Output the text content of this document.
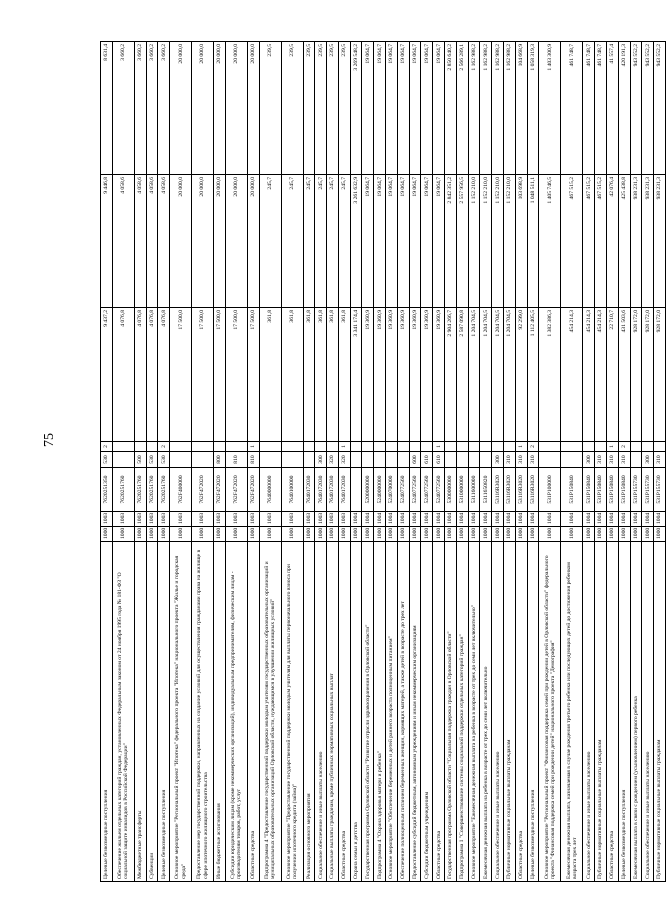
75
Целевые безвозмездные поступления	1000	1003	7620251350	530	2	9 437,2	9 446,8	8 631,4
Обеспечение жильем отдельных категорий граждан, установленных Федеральным законом от 24 ноября 1995 года № 181-ФЗ "О социальной защите инвалидов в Российской Федерации"	1000	1003	7620251760			4 076,8	4 058,6	3 660,2
Межбюджетные трансферты	1000	1003	7620251760	500		4 076,8	4 058,6	3 660,2
Субвенции	1000	1003	7620251760	530		4 076,8	4 058,6	3 660,2
Целевые безвозмездные поступления	1000	1003	7620251760	530	2	4 076,8	4 058,6	3 660,2
Основное мероприятие "Региональный проект "Ипотека" федерального проекта "Ипотека" национального проекта "Жилье и городская среда"	1000	1003	762F400000			17 500,0	20 000,0	20 000,0
Предоставление мер государственной поддержки, направленных на создание условий для осуществления гражданами права на жилище в сфере ипотечного жилищного строительства	1000	1003	762F472020			17 500,0	20 000,0	20 000,0
Иные бюджетные ассигнования	1000	1003	762F472020	800		17 500,0	20 000,0	20 000,0
Субсидии юридическим лицам (кроме некоммерческих организаций), индивидуальным предпринимателям, физическим лицам - производителям товаров, работ, услуг	1000	1003	762F472020	810		17 500,0	20 000,0	20 000,0
Областные средства	1000	1003	762F472020	810	1	17 500,0	20 000,0	20 000,0
Подпрограмма 4 "Предоставление государственной поддержки молодым учителям государственных образовательных организаций и муниципальных образовательных организаций Орловской области, нуждающимся в улучшении жилищных условий"	1000	1003	7640000000			361,8	245,7	239,5
Основное мероприятие "Предоставление государственной поддержки молодым учителям для выплаты первоначального взноса при получении ипотечного кредита (займа)"	1000	1003	7640100000			361,8	245,7	239,5
Реализация основного мероприятия	1000	1003	7640172030			361,8	245,7	239,5
Социальное обеспечение и иные выплаты населению	1000	1003	7640172030	300		361,8	245,7	239,5
Социальные выплаты гражданам, кроме публичных нормативных социальных выплат	1000	1003	7640172030	320		361,8	245,7	239,5
Областные средства	1000	1003	7640172030	320	1	361,8	245,7	239,5
Охрана семьи и детства	1000	1004				3 341 174,4	3 261 632,9	3 269 548,2
Государственная программа Орловской области "Развитие отрасли здравоохранения в Орловской области"	1000	1004	5200000000			19 360,9	19 064,7	19 064,7
Подпрограмма 4 "Охрана здоровья матери и ребенка"	1000	1004	5240000000			19 360,9	19 064,7	19 064,7
Основное мероприятие "Обеспечение беременных и детей раннего возраста полноценным питанием"	1000	1004	5240700000			19 360,9	19 064,7	19 064,7
Обеспечение полноценным питанием беременных женщин, кормящих матерей, а также детей в возрасте до трех лет	1000	1004	5240772560			19 360,9	19 064,7	19 064,7
Предоставление субсидий бюджетным, автономным учреждениям и иным некоммерческим организациям	1000	1004	5240772560	600		19 360,9	19 064,7	19 064,7
Субсидии бюджетным учреждениям	1000	1004	5240772560	610		19 360,9	19 064,7	19 064,7
Областные средства	1000	1004	5240772560	610	1	19 360,9	19 064,7	19 064,7
Государственная программа Орловской области "Социальная поддержка граждан в Орловской области"	1000	1004	5300000000			2 904 266,7	2 842 351,2	2 850 640,2
Подпрограмма 1 "Совершенствование системы социальной поддержки отдельных категорий граждан"	1000	1004	5310000000			2 587 090,8	2 557 956,5	2 566 289,1
Основное мероприятие "Ежемесячная денежная выплата на ребенка в возрасте от трех до семи лет включительно"	1000	1004	5311600000			1 204 704,5	1 152 210,0	1 162 988,2
Ежемесячная денежная выплата на ребенка в возрасте от трех до семи лет включительно	1000	1004	5311650820			1 204 704,5	1 152 210,0	1 162 988,2
Социальное обеспечение и иные выплаты населению	1000	1004	53116R3020	300		1 204 704,5	1 152 210,0	1 162 988,2
Публичные нормативные социальные выплаты гражданам	1000	1004	53116R3020	310		1 204 704,5	1 152 210,0	1 162 988,2
Областные средства	1000	1004	53116R3020	310	1	92 299,0	103 698,9	104 668,9
Целевые безвозмездные поступления	1000	1004	53116R3020	310	2	1 112 405,5	1 048 511,1	1 058 319,3
Основное мероприятие "Региональный проект "Финансовая поддержка семей при рождении детей в Орловской области" федерального проекта "Финансовая поддержка семей при рождении детей" национального проекта "Демография"	1000	1004	531P100000			1 382 386,3	1 405 746,5	1 403 300,9
Ежемесячная денежная выплата, назначаемая в случае рождения третьего ребенка или последующих детей до достижения ребенком возраста трех лет	1000	1004	531P150840			454 214,3	467 515,2	461 748,7
Социальное обеспечение и иные выплаты населению	1000	1004	531P150840	300		454 214,3	467 515,2	461 748,7
Публичные нормативные социальные выплаты гражданам	1000	1004	531P150840	310		454 214,3	467 515,2	461 748,7
Областные средства	1000	1004	531P150840	310	1	22 710,7	42 076,4	41 557,4
Целевые безвозмездные поступления	1000	1004	531P150840	310	2	431 503,6	425 438,8	420 191,3
Ежемесячная выплата в связи с рождением (усыновлением) первого ребенка	1000	1004	531P155730			928 172,0	938 231,3	943 552,2
Социальное обеспечение и иные выплаты населению	1000	1004	531P155730	300		928 172,0	938 231,3	943 552,2
Публичные нормативные социальные выплаты гражданам	1000	1004	531P155730	310		928 172,0	938 231,3	943 552,2
